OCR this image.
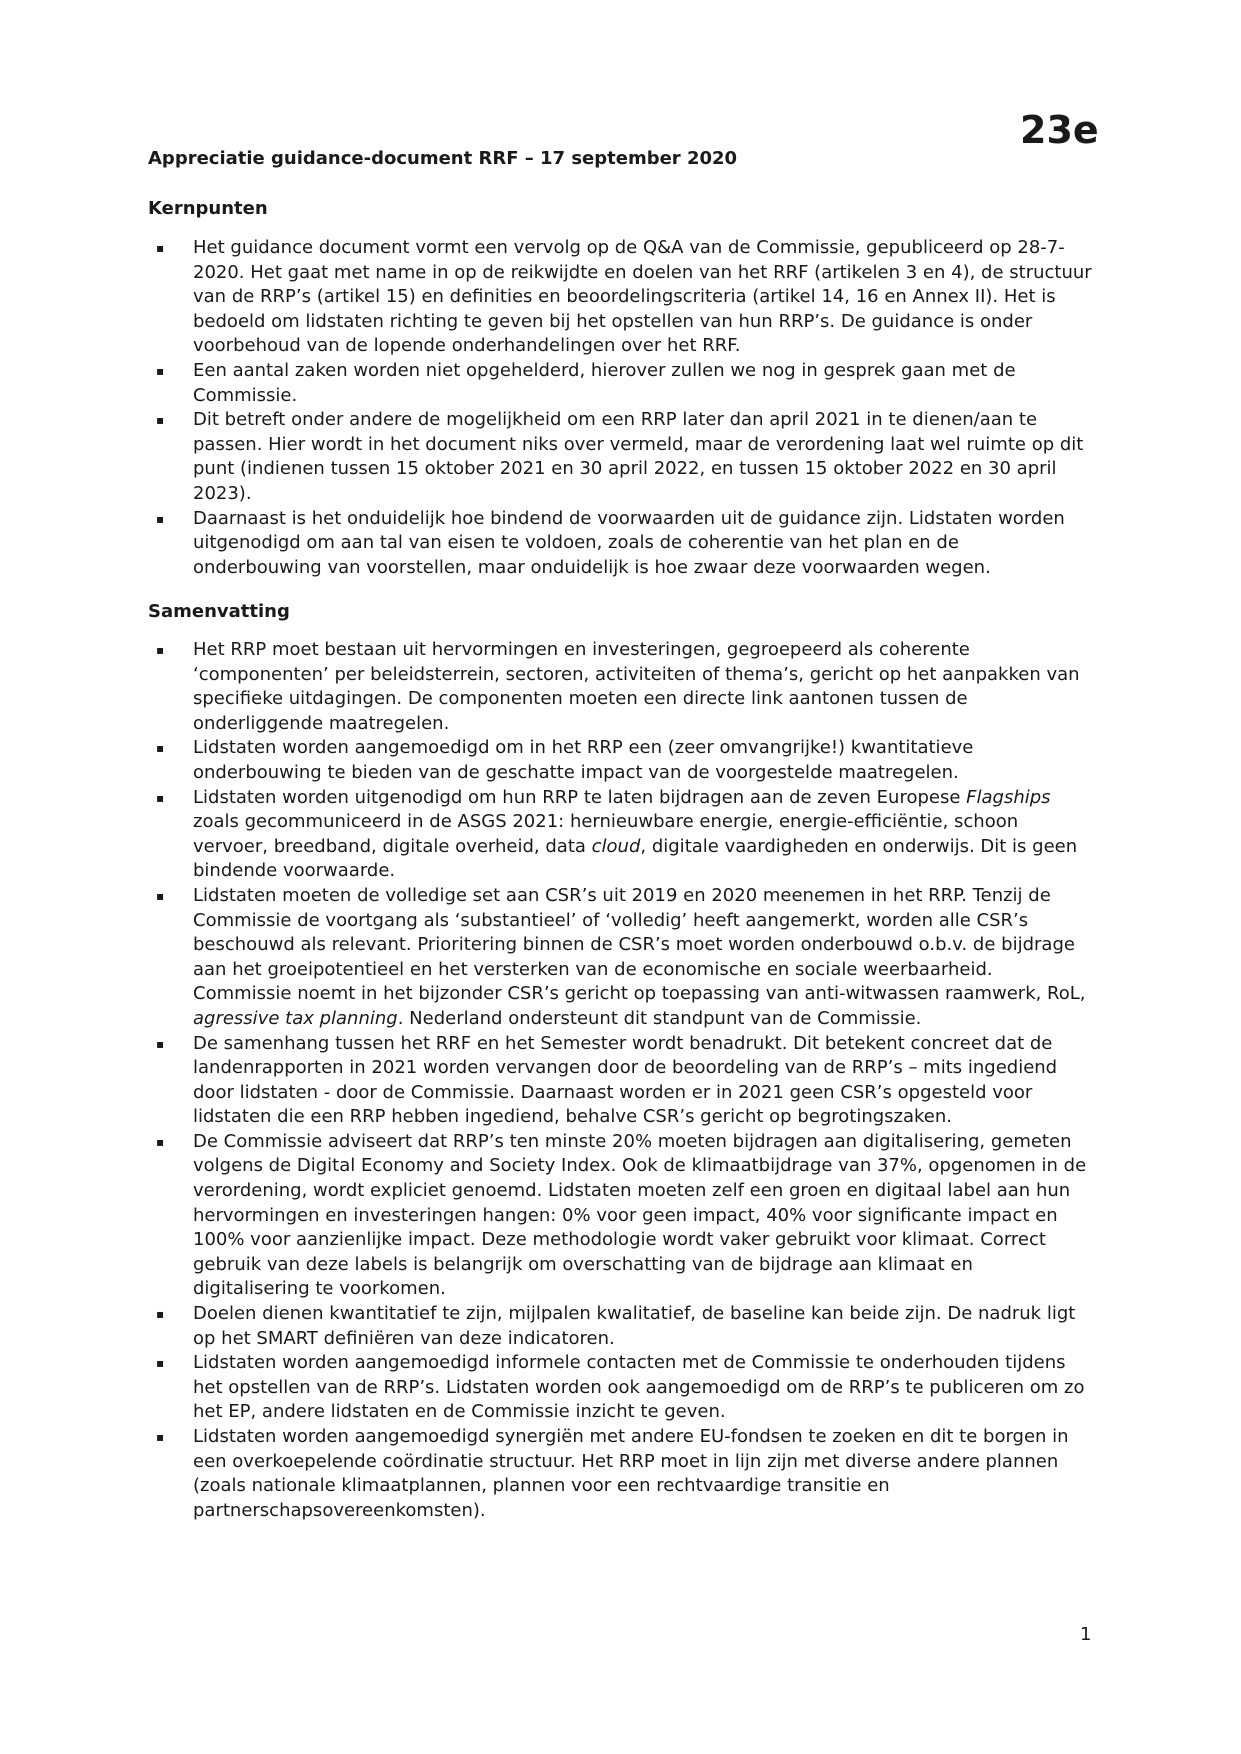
23e

Appreciatie guidance-document RRF – 17 september 2020

Kernpunten

▪ Het guidance document vormt een vervolg op de Q&A van de Commissie, gepubliceerd op 28-7-2020. Het gaat met name in op de reikwijdte en doelen van het RRF (artikelen 3 en 4), de structuur van de RRP’s (artikel 15) en definities en beoordelingscriteria (artikel 14, 16 en Annex II). Het is bedoeld om lidstaten richting te geven bij het opstellen van hun RRP’s. De guidance is onder voorbehoud van de lopende onderhandelingen over het RRF.
▪ Een aantal zaken worden niet opgehelderd, hierover zullen we nog in gesprek gaan met de Commissie.
▪ Dit betreft onder andere de mogelijkheid om een RRP later dan april 2021 in te dienen/aan te passen. Hier wordt in het document niks over vermeld, maar de verordening laat wel ruimte op dit punt (indienen tussen 15 oktober 2021 en 30 april 2022, en tussen 15 oktober 2022 en 30 april 2023).
▪ Daarnaast is het onduidelijk hoe bindend de voorwaarden uit de guidance zijn. Lidstaten worden uitgenodigd om aan tal van eisen te voldoen, zoals de coherentie van het plan en de onderbouwing van voorstellen, maar onduidelijk is hoe zwaar deze voorwaarden wegen.

Samenvatting

▪ Het RRP moet bestaan uit hervormingen en investeringen, gegroepeerd als coherente ‘componenten’ per beleidsterrein, sectoren, activiteiten of thema’s, gericht op het aanpakken van specifieke uitdagingen. De componenten moeten een directe link aantonen tussen de onderliggende maatregelen.
▪ Lidstaten worden aangemoedigd om in het RRP een (zeer omvangrijke!) kwantitatieve onderbouwing te bieden van de geschatte impact van de voorgestelde maatregelen.
▪ Lidstaten worden uitgenodigd om hun RRP te laten bijdragen aan de zeven Europese Flagships zoals gecommuniceerd in de ASGS 2021: hernieuwbare energie, energie-efficiëntie, schoon vervoer, breedband, digitale overheid, data cloud, digitale vaardigheden en onderwijs. Dit is geen bindende voorwaarde.
▪ Lidstaten moeten de volledige set aan CSR’s uit 2019 en 2020 meenemen in het RRP. Tenzij de Commissie de voortgang als ‘substantieel’ of ‘volledig’ heeft aangemerkt, worden alle CSR’s beschouwd als relevant. Prioritering binnen de CSR’s moet worden onderbouwd o.b.v. de bijdrage aan het groeipotentieel en het versterken van de economische en sociale weerbaarheid. Commissie noemt in het bijzonder CSR’s gericht op toepassing van anti-witwassen raamwerk, RoL, agressive tax planning. Nederland ondersteunt dit standpunt van de Commissie.
▪ De samenhang tussen het RRF en het Semester wordt benadrukt. Dit betekent concreet dat de landenrapporten in 2021 worden vervangen door de beoordeling van de RRP’s – mits ingediend door lidstaten - door de Commissie. Daarnaast worden er in 2021 geen CSR’s opgesteld voor lidstaten die een RRP hebben ingediend, behalve CSR’s gericht op begrotingszaken.
▪ De Commissie adviseert dat RRP’s ten minste 20% moeten bijdragen aan digitalisering, gemeten volgens de Digital Economy and Society Index. Ook de klimaatbijdrage van 37%, opgenomen in de verordening, wordt expliciet genoemd. Lidstaten moeten zelf een groen en digitaal label aan hun hervormingen en investeringen hangen: 0% voor geen impact, 40% voor significante impact en 100% voor aanzienlijke impact. Deze methodologie wordt vaker gebruikt voor klimaat. Correct gebruik van deze labels is belangrijk om overschatting van de bijdrage aan klimaat en digitalisering te voorkomen.
▪ Doelen dienen kwantitatief te zijn, mijlpalen kwalitatief, de baseline kan beide zijn. De nadruk ligt op het SMART definiëren van deze indicatoren.
▪ Lidstaten worden aangemoedigd informele contacten met de Commissie te onderhouden tijdens het opstellen van de RRP’s. Lidstaten worden ook aangemoedigd om de RRP’s te publiceren om zo het EP, andere lidstaten en de Commissie inzicht te geven.
▪ Lidstaten worden aangemoedigd synergiën met andere EU-fondsen te zoeken en dit te borgen in een overkoepelende coördinatie structuur. Het RRP moet in lijn zijn met diverse andere plannen (zoals nationale klimaatplannen, plannen voor een rechtvaardige transitie en partnerschapsovereenkomsten).

1
